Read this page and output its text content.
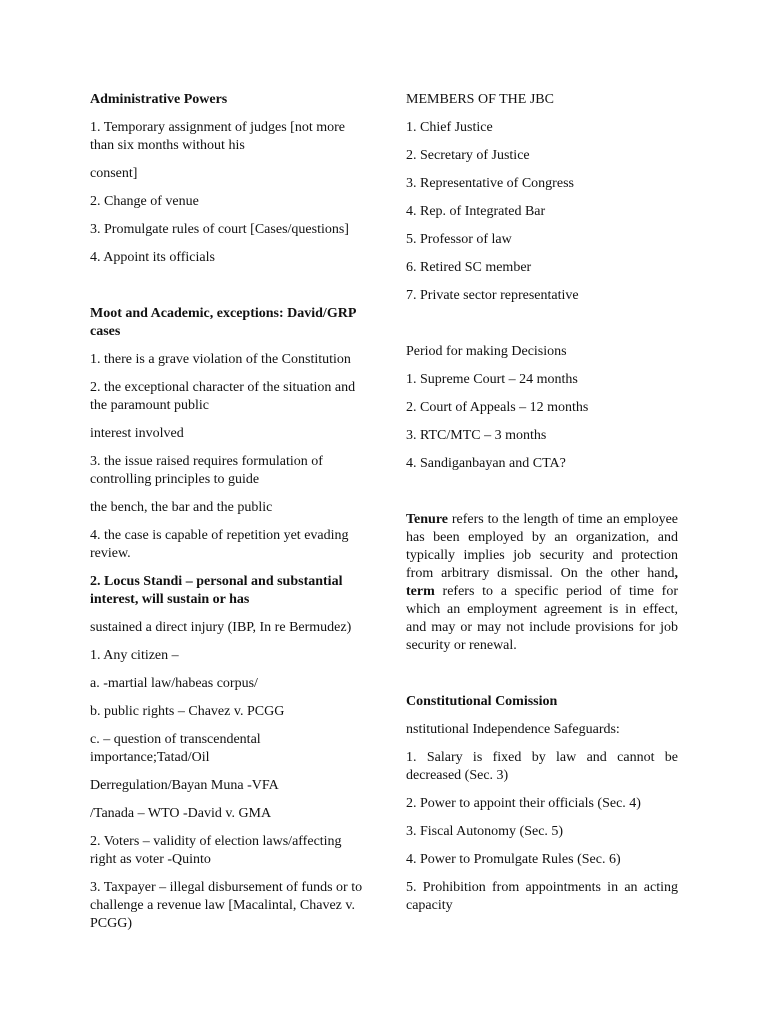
Administrative Powers

1. Temporary assignment of judges [not more than six months without his

consent]

2. Change of venue

3. Promulgate rules of court [Cases/questions]

4. Appoint its officials

Moot and Academic, exceptions: David/GRP cases

1. there is a grave violation of the Constitution

2. the exceptional character of the situation and the paramount public

interest involved

3. the issue raised requires formulation of controlling principles to guide

the bench, the bar and the public

4. the case is capable of repetition yet evading review.

2. Locus Standi – personal and substantial interest, will sustain or has

sustained a direct injury (IBP, In re Bermudez)

1. Any citizen –

a. -martial law/habeas corpus/

b. public rights – Chavez v. PCGG

c. – question of transcendental importance;Tatad/Oil

Derregulation/Bayan Muna -VFA

/Tanada – WTO -David v. GMA

2. Voters – validity of election laws/affecting right as voter -Quinto

3. Taxpayer – illegal disbursement of funds or to challenge a revenue law [Macalintal, Chavez v. PCGG)

MEMBERS OF THE JBC

1. Chief Justice

2. Secretary of Justice

3. Representative of Congress

4. Rep. of Integrated Bar

5. Professor of law

6. Retired SC member

7. Private sector representative

Period for making Decisions

1. Supreme Court – 24 months

2. Court of Appeals – 12 months

3. RTC/MTC – 3 months

4. Sandiganbayan and CTA?

Tenure refers to the length of time an employee has been employed by an organization, and typically implies job security and protection from arbitrary dismissal. On the other hand, term refers to a specific period of time for which an employment agreement is in effect, and may or may not include provisions for job security or renewal.

Constitutional Comission

nstitutional Independence Safeguards:

1. Salary is fixed by law and cannot be decreased (Sec. 3)

2. Power to appoint their officials (Sec. 4)

3. Fiscal Autonomy (Sec. 5)

4. Power to Promulgate Rules (Sec. 6)

5. Prohibition from appointments in an acting capacity
